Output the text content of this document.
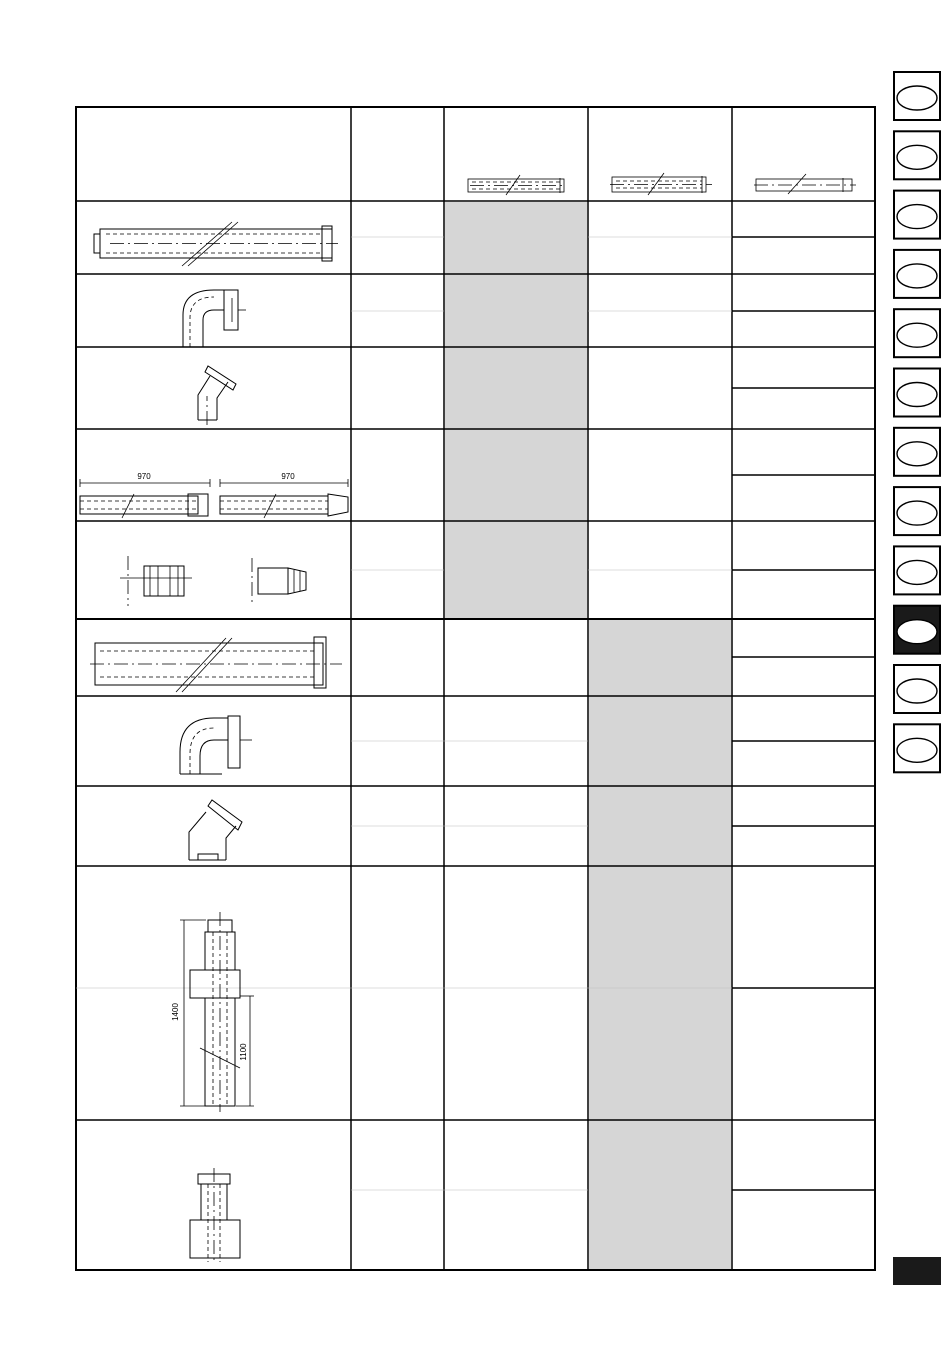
970	970
1400
1100
